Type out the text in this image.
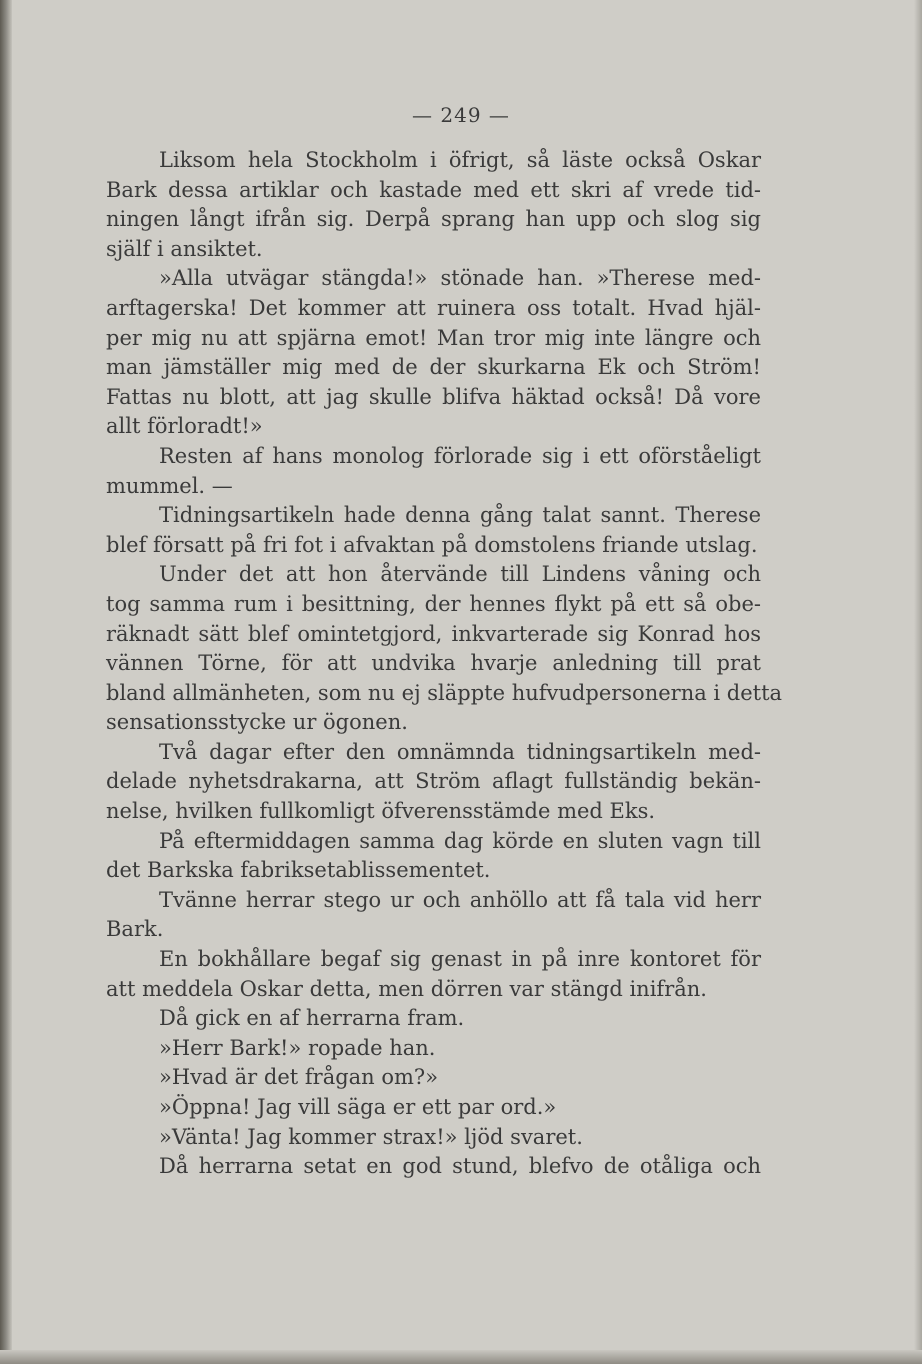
— 249 —
Liksom hela Stockholm i öfrigt, så läste också Oskar
Bark dessa artiklar och kastade med ett skri af vrede tid-
ningen långt ifrån sig. Derpå sprang han upp och slog sig
själf i ansiktet.
»Alla utvägar stängda!» stönade han. »Therese med-
arftagerska! Det kommer att ruinera oss totalt. Hvad hjäl-
per mig nu att spjärna emot! Man tror mig inte längre och
man jämställer mig med de der skurkarna Ek och Ström!
Fattas nu blott, att jag skulle blifva häktad också! Då vore
allt förloradt!»
Resten af hans monolog förlorade sig i ett oförståeligt
mummel. —
Tidningsartikeln hade denna gång talat sannt. Therese
blef försatt på fri fot i afvaktan på domstolens friande utslag.
Under det att hon återvände till Lindens våning och
tog samma rum i besittning, der hennes flykt på ett så obe-
räknadt sätt blef omintetgjord, inkvarterade sig Konrad hos
vännen Törne, för att undvika hvarje anledning till prat
bland allmänheten, som nu ej släppte hufvudpersonerna i detta
sensationsstycke ur ögonen.
Två dagar efter den omnämnda tidningsartikeln med-
delade nyhetsdrakarna, att Ström aflagt fullständig bekän-
nelse, hvilken fullkomligt öfverensstämde med Eks.
På eftermiddagen samma dag körde en sluten vagn till
det Barkska fabriksetablissementet.
Tvänne herrar stego ur och anhöllo att få tala vid herr
Bark.
En bokhållare begaf sig genast in på inre kontoret för
att meddela Oskar detta, men dörren var stängd inifrån.
Då gick en af herrarna fram.
»Herr Bark!» ropade han.
»Hvad är det frågan om?»
»Öppna! Jag vill säga er ett par ord.»
»Vänta! Jag kommer strax!» ljöd svaret.
Då herrarna setat en god stund, blefvo de otåliga och
